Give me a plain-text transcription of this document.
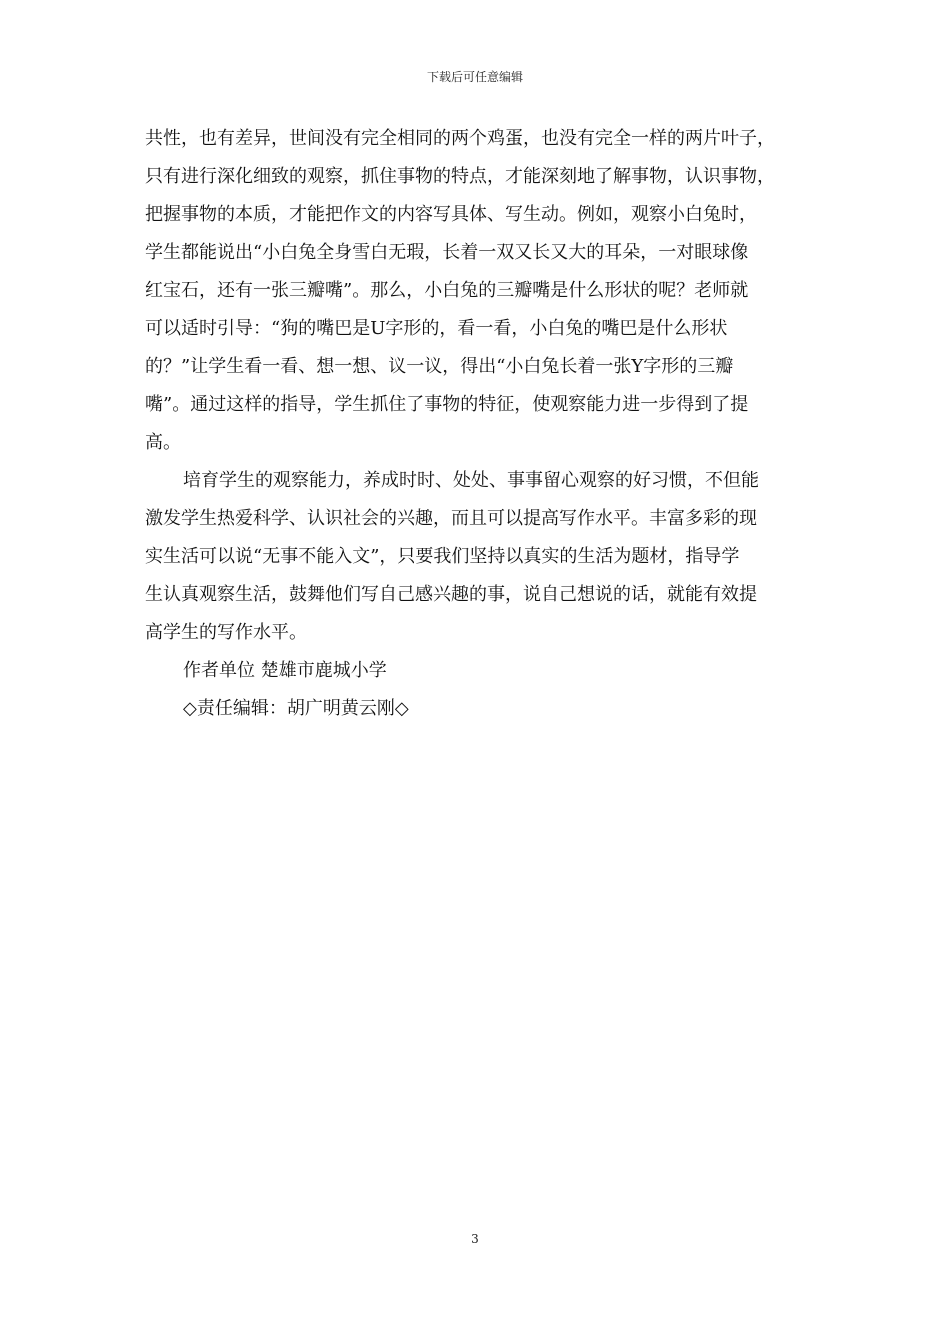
下载后可任意编辑
共性，也有差异，世间没有完全相同的两个鸡蛋，也没有完全一样的两片叶子，
只有进行深化细致的观察，抓住事物的特点，才能深刻地了解事物，认识事物，
把握事物的本质，才能把作文的内容写具体、写生动。例如，观察小白兔时，
学生都能说出“小白兔全身雪白无瑕，长着一双又长又大的耳朵，一对眼球像
红宝石，还有一张三瓣嘴”。那么，小白兔的三瓣嘴是什么形状的呢？老师就
可以适时引导：“狗的嘴巴是U字形的，看一看，小白兔的嘴巴是什么形状
的？”让学生看一看、想一想、议一议，得出“小白兔长着一张Y字形的三瓣
嘴”。通过这样的指导，学生抓住了事物的特征，使观察能力进一步得到了提
高。
培育学生的观察能力，养成时时、处处、事事留心观察的好习惯，不但能
激发学生热爱科学、认识社会的兴趣，而且可以提高写作水平。丰富多彩的现
实生活可以说“无事不能入文”，只要我们坚持以真实的生活为题材，指导学
生认真观察生活，鼓舞他们写自己感兴趣的事，说自己想说的话，就能有效提
高学生的写作水平。
作者单位 楚雄市鹿城小学
◇责任编辑：胡广明黄云刚◇
3
